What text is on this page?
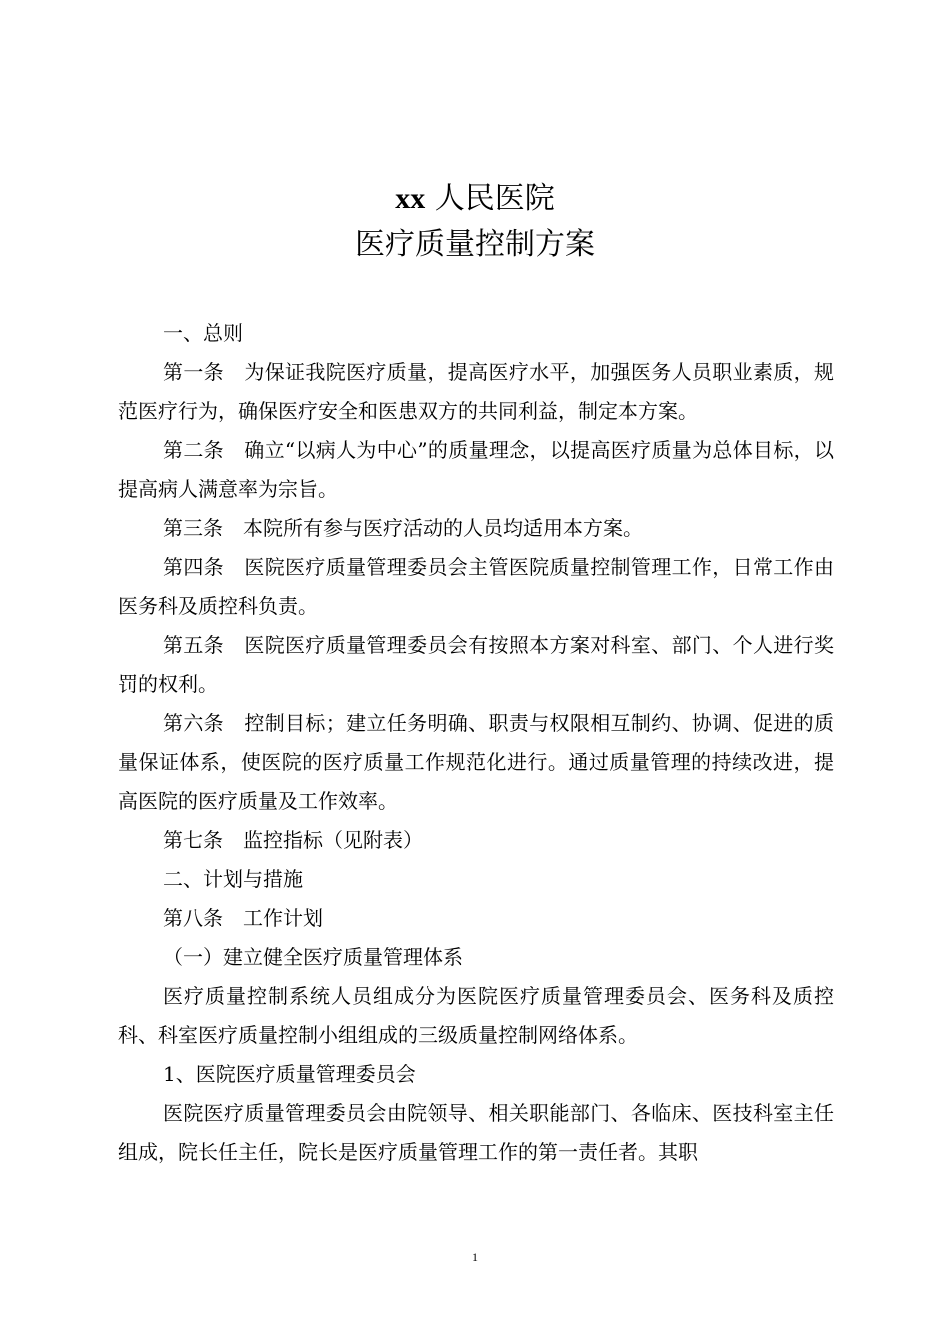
xx 人民医院
医疗质量控制方案

一、总则

第一条　为保证我院医疗质量，提高医疗水平，加强医务人员职业素质，规范医疗行为，确保医疗安全和医患双方的共同利益，制定本方案。

第二条　确立“以病人为中心”的质量理念，以提高医疗质量为总体目标，以提高病人满意率为宗旨。

第三条　本院所有参与医疗活动的人员均适用本方案。

第四条　医院医疗质量管理委员会主管医院质量控制管理工作，日常工作由医务科及质控科负责。

第五条　医院医疗质量管理委员会有按照本方案对科室、部门、个人进行奖罚的权利。

第六条　控制目标；建立任务明确、职责与权限相互制约、协调、促进的质量保证体系，使医院的医疗质量工作规范化进行。通过质量管理的持续改进，提高医院的医疗质量及工作效率。

第七条　监控指标（见附表）

二、计划与措施

第八条　工作计划

（一）建立健全医疗质量管理体系

医疗质量控制系统人员组成分为医院医疗质量管理委员会、医务科及质控科、科室医疗质量控制小组组成的三级质量控制网络体系。

1、医院医疗质量管理委员会

医院医疗质量管理委员会由院领导、相关职能部门、各临床、医技科室主任组成，院长任主任，院长是医疗质量管理工作的第一责任者。其职

1
